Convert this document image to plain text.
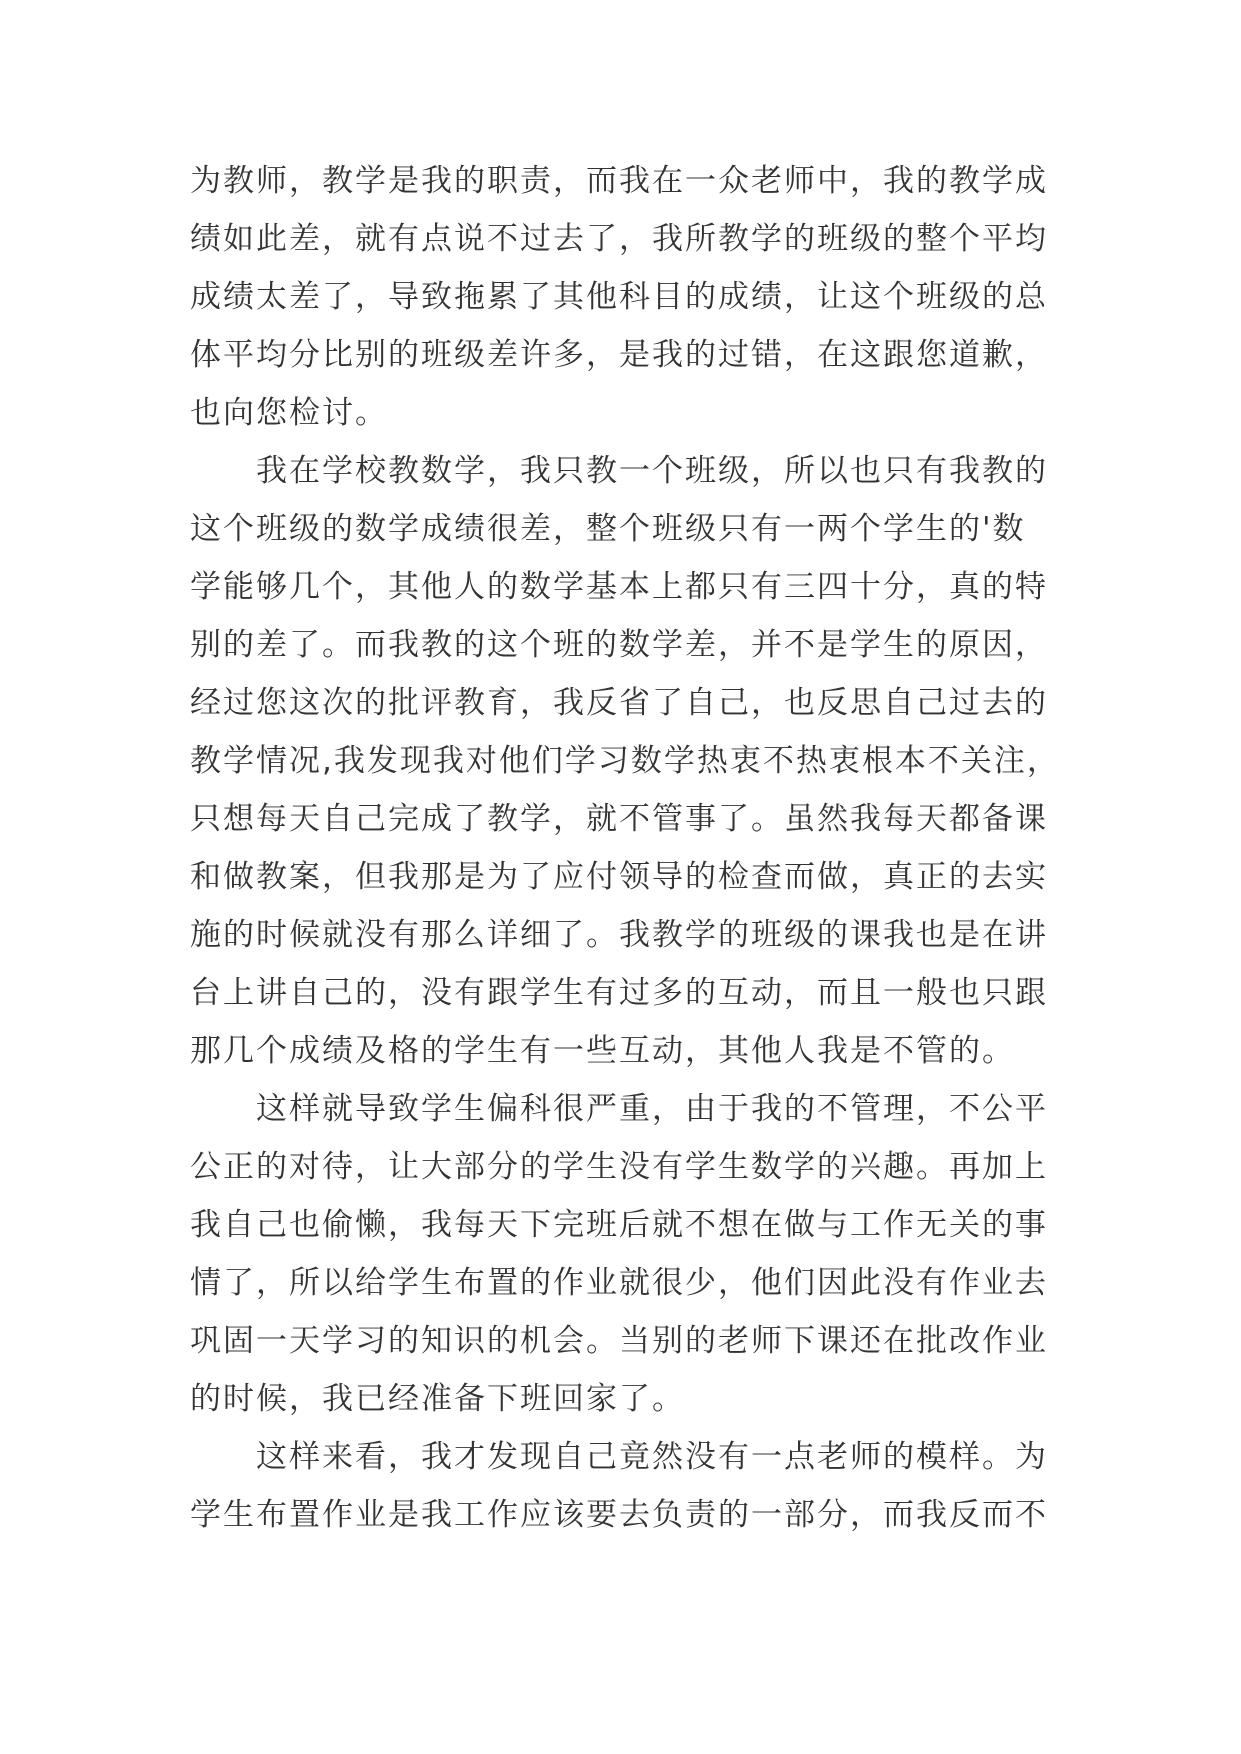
为教师，教学是我的职责，而我在一众老师中，我的教学成
绩如此差，就有点说不过去了，我所教学的班级的整个平均
成绩太差了，导致拖累了其他科目的成绩，让这个班级的总
体平均分比别的班级差许多，是我的过错，在这跟您道歉，
也向您检讨。
　　我在学校教数学，我只教一个班级，所以也只有我教的
这个班级的数学成绩很差，整个班级只有一两个学生的'数
学能够几个，其他人的数学基本上都只有三四十分，真的特
别的差了。而我教的这个班的数学差，并不是学生的原因，
经过您这次的批评教育，我反省了自己，也反思自己过去的
教学情况,我发现我对他们学习数学热衷不热衷根本不关注，
只想每天自己完成了教学，就不管事了。虽然我每天都备课
和做教案，但我那是为了应付领导的检查而做，真正的去实
施的时候就没有那么详细了。我教学的班级的课我也是在讲
台上讲自己的，没有跟学生有过多的互动，而且一般也只跟
那几个成绩及格的学生有一些互动，其他人我是不管的。
　　这样就导致学生偏科很严重，由于我的不管理，不公平
公正的对待，让大部分的学生没有学生数学的兴趣。再加上
我自己也偷懒，我每天下完班后就不想在做与工作无关的事
情了，所以给学生布置的作业就很少，他们因此没有作业去
巩固一天学习的知识的机会。当别的老师下课还在批改作业
的时候，我已经准备下班回家了。
　　这样来看，我才发现自己竟然没有一点老师的模样。为
学生布置作业是我工作应该要去负责的一部分，而我反而不
